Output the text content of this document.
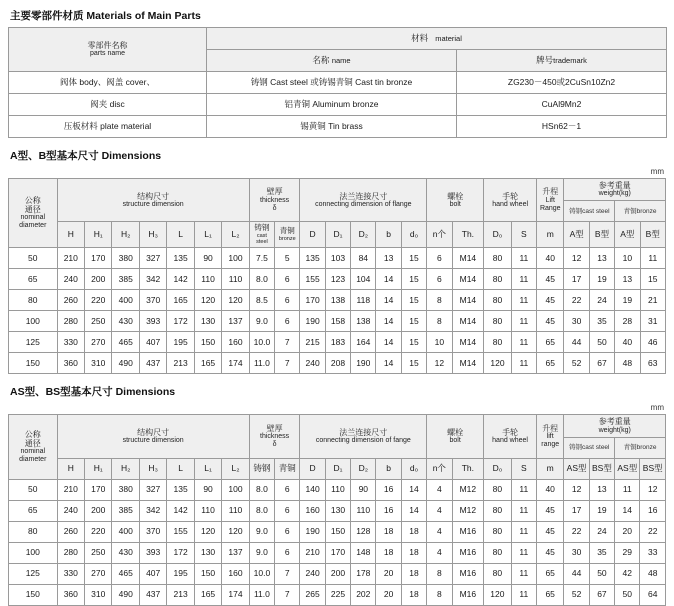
主要零部件材质 Materials of Main Parts
零部件名称
parts name	材料 material	
	名称 name	牌号trademark
阀体 body、阀盖 cover、	铸钢 Cast steel 或铸锡青铜 Cast tin bronze	ZG230－450或2CuSn10Zn2
阀夹 disc	铝青铜 Aluminum bronze	CuAl9Mn2
压板材料 plate material	锡黄铜 Tin brass	HSn62－1
A型、B型基本尺寸 Dimensions
mm
公称
通径
nominal
diameter	结构尺寸
structure dimension							壁厚
thickness
δ		法兰连接尺寸
connecting dimension of flange					螺栓
bolt		手轮
hand wheel		升程
Lift
Range	参考重量
weight(kg)			

																				铸钢cast steel		青铜bronze	
	H	H₁	H₂	H₃	L	L₁	L₂	铸钢
cast steel	青铜
bronze	D	D₁	D₂	b	d₀	n个	Th.	D₀	S	m	A型	B型	A型	B型
50	210	170	380	327	135	90	100	7.5	5	135	103	84	13	15	6	M14	80	11	40	12	13	10	11
65	240	200	385	342	142	110	110	8.0	6	155	123	104	14	15	6	M14	80	11	45	17	19	13	15
80	260	220	400	370	165	120	120	8.5	6	170	138	118	14	15	8	M14	80	11	45	22	24	19	21
100	280	250	430	393	172	130	137	9.0	6	190	158	138	14	15	8	M14	80	11	45	30	35	28	31
125	330	270	465	407	195	150	160	10.0	7	215	183	164	14	15	10	M14	80	11	65	44	50	40	46
150	360	310	490	437	213	165	174	11.0	7	240	208	190	14	15	12	M14	120	11	65	52	67	48	63
AS型、BS型基本尺寸 Dimensions
mm
公称
通径
nominal
diameter	结构尺寸
structure dimension							壁厚
thickness
δ		法兰连接尺寸
connecting dimension of fange					螺栓
bolt		手轮
hand wheel		升程
lift
range	参考重量
weight(kg)			

																				铸钢cast steel		青铜bronze	
	H	H₁	H₂	H₃	L	L₁	L₂	铸钢	青铜	D	D₁	D₂	b	d₀	n个	Th.	D₀	S	m	AS型	BS型	AS型	BS型
50	210	170	380	327	135	90	100	8.0	6	140	110	90	16	14	4	M12	80	11	40	12	13	11	12
65	240	200	385	342	142	110	110	8.0	6	160	130	110	16	14	4	M12	80	11	45	17	19	14	16
80	260	220	400	370	155	120	120	9.0	6	190	150	128	18	18	4	M16	80	11	45	22	24	20	22
100	280	250	430	393	172	130	137	9.0	6	210	170	148	18	18	4	M16	80	11	45	30	35	29	33
125	330	270	465	407	195	150	160	10.0	7	240	200	178	20	18	8	M16	80	11	65	44	50	42	48
150	360	310	490	437	213	165	174	11.0	7	265	225	202	20	18	8	M16	120	11	65	52	67	50	64
